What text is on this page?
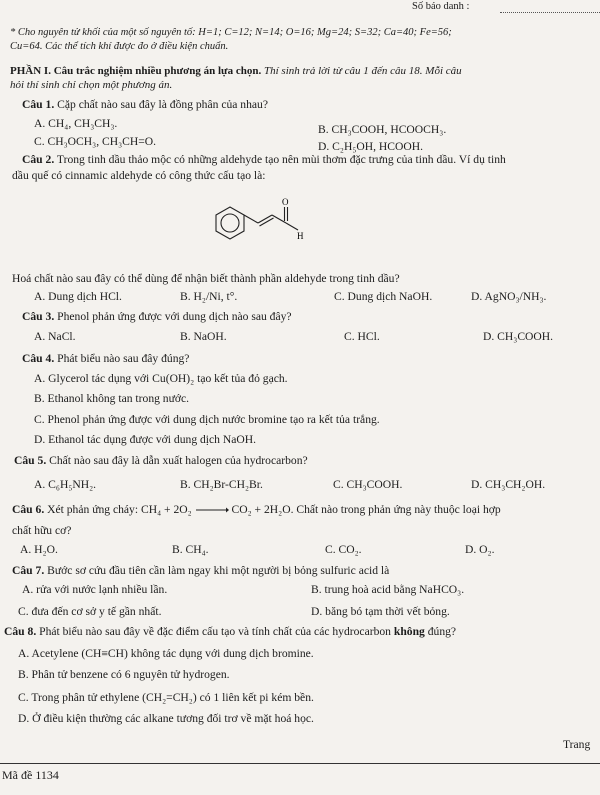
Số báo danh :
* Cho nguyên tử khối của một số nguyên tố: H=1; C=12; N=14; O=16; Mg=24; S=32; Ca=40; Fe=56;
Cu=64. Các thể tích khí được đo ở điều kiện chuẩn.
PHẦN I. Câu trắc nghiệm nhiều phương án lựa chọn. Thí sinh trả lời từ câu 1 đến câu 18. Mỗi câu
hỏi thí sinh chỉ chọn một phương án.
Câu 1. Cặp chất nào sau đây là đồng phân của nhau?
A. CH₄, CH₃CH₃.	B. CH₃COOH, HCOOCH₃.
C. CH₃OCH₃, CH₃CH=O.	D. C₂H₅OH, HCOOH.
Câu 2. Trong tinh dầu thảo mộc có những aldehyde tạo nên mùi thơm đặc trưng của tinh dầu. Ví dụ tinh
dầu quế có cinnamic aldehyde có công thức cấu tạo là:
O
H
Hoá chất nào sau đây có thể dùng để nhận biết thành phần aldehyde trong tinh dầu?
A. Dung dịch HCl.	B. H₂/Ni, t°.	C. Dung dịch NaOH.	D. AgNO₃/NH₃.
Câu 3. Phenol phản ứng được với dung dịch nào sau đây?
A. NaCl.	B. NaOH.	C. HCl.	D. CH₃COOH.
Câu 4. Phát biểu nào sau đây đúng?
A. Glycerol tác dụng với Cu(OH)₂ tạo kết tủa đỏ gạch.
B. Ethanol không tan trong nước.
C. Phenol phản ứng được với dung dịch nước bromine tạo ra kết tủa trắng.
D. Ethanol tác dụng được với dung dịch NaOH.
Câu 5. Chất nào sau đây là dẫn xuất halogen của hydrocarbon?
A. C₆H₅NH₂.	B. CH₂Br-CH₂Br.	C. CH₃COOH.	D. CH₃CH₂OH.
Câu 6. Xét phản ứng cháy: CH₄ + 2O₂ → CO₂ + 2H₂O. Chất nào trong phản ứng này thuộc loại hợp
chất hữu cơ?
A. H₂O.	B. CH₄.	C. CO₂.	D. O₂.
Câu 7. Bước sơ cứu đầu tiên cần làm ngay khi một người bị bỏng sulfuric acid là
A. rửa với nước lạnh nhiều lần.	B. trung hoà acid bằng NaHCO₃.
C. đưa đến cơ sở y tế gần nhất.	D. băng bó tạm thời vết bỏng.
Câu 8. Phát biểu nào sau đây về đặc điểm cấu tạo và tính chất của các hydrocarbon không đúng?
A. Acetylene (CH≡CH) không tác dụng với dung dịch bromine.
B. Phân tử benzene có 6 nguyên tử hydrogen.
C. Trong phân tử ethylene (CH₂=CH₂) có 1 liên kết pi kém bền.
D. Ở điều kiện thường các alkane tương đối trơ về mặt hoá học.
Trang
Mã đề 1134
